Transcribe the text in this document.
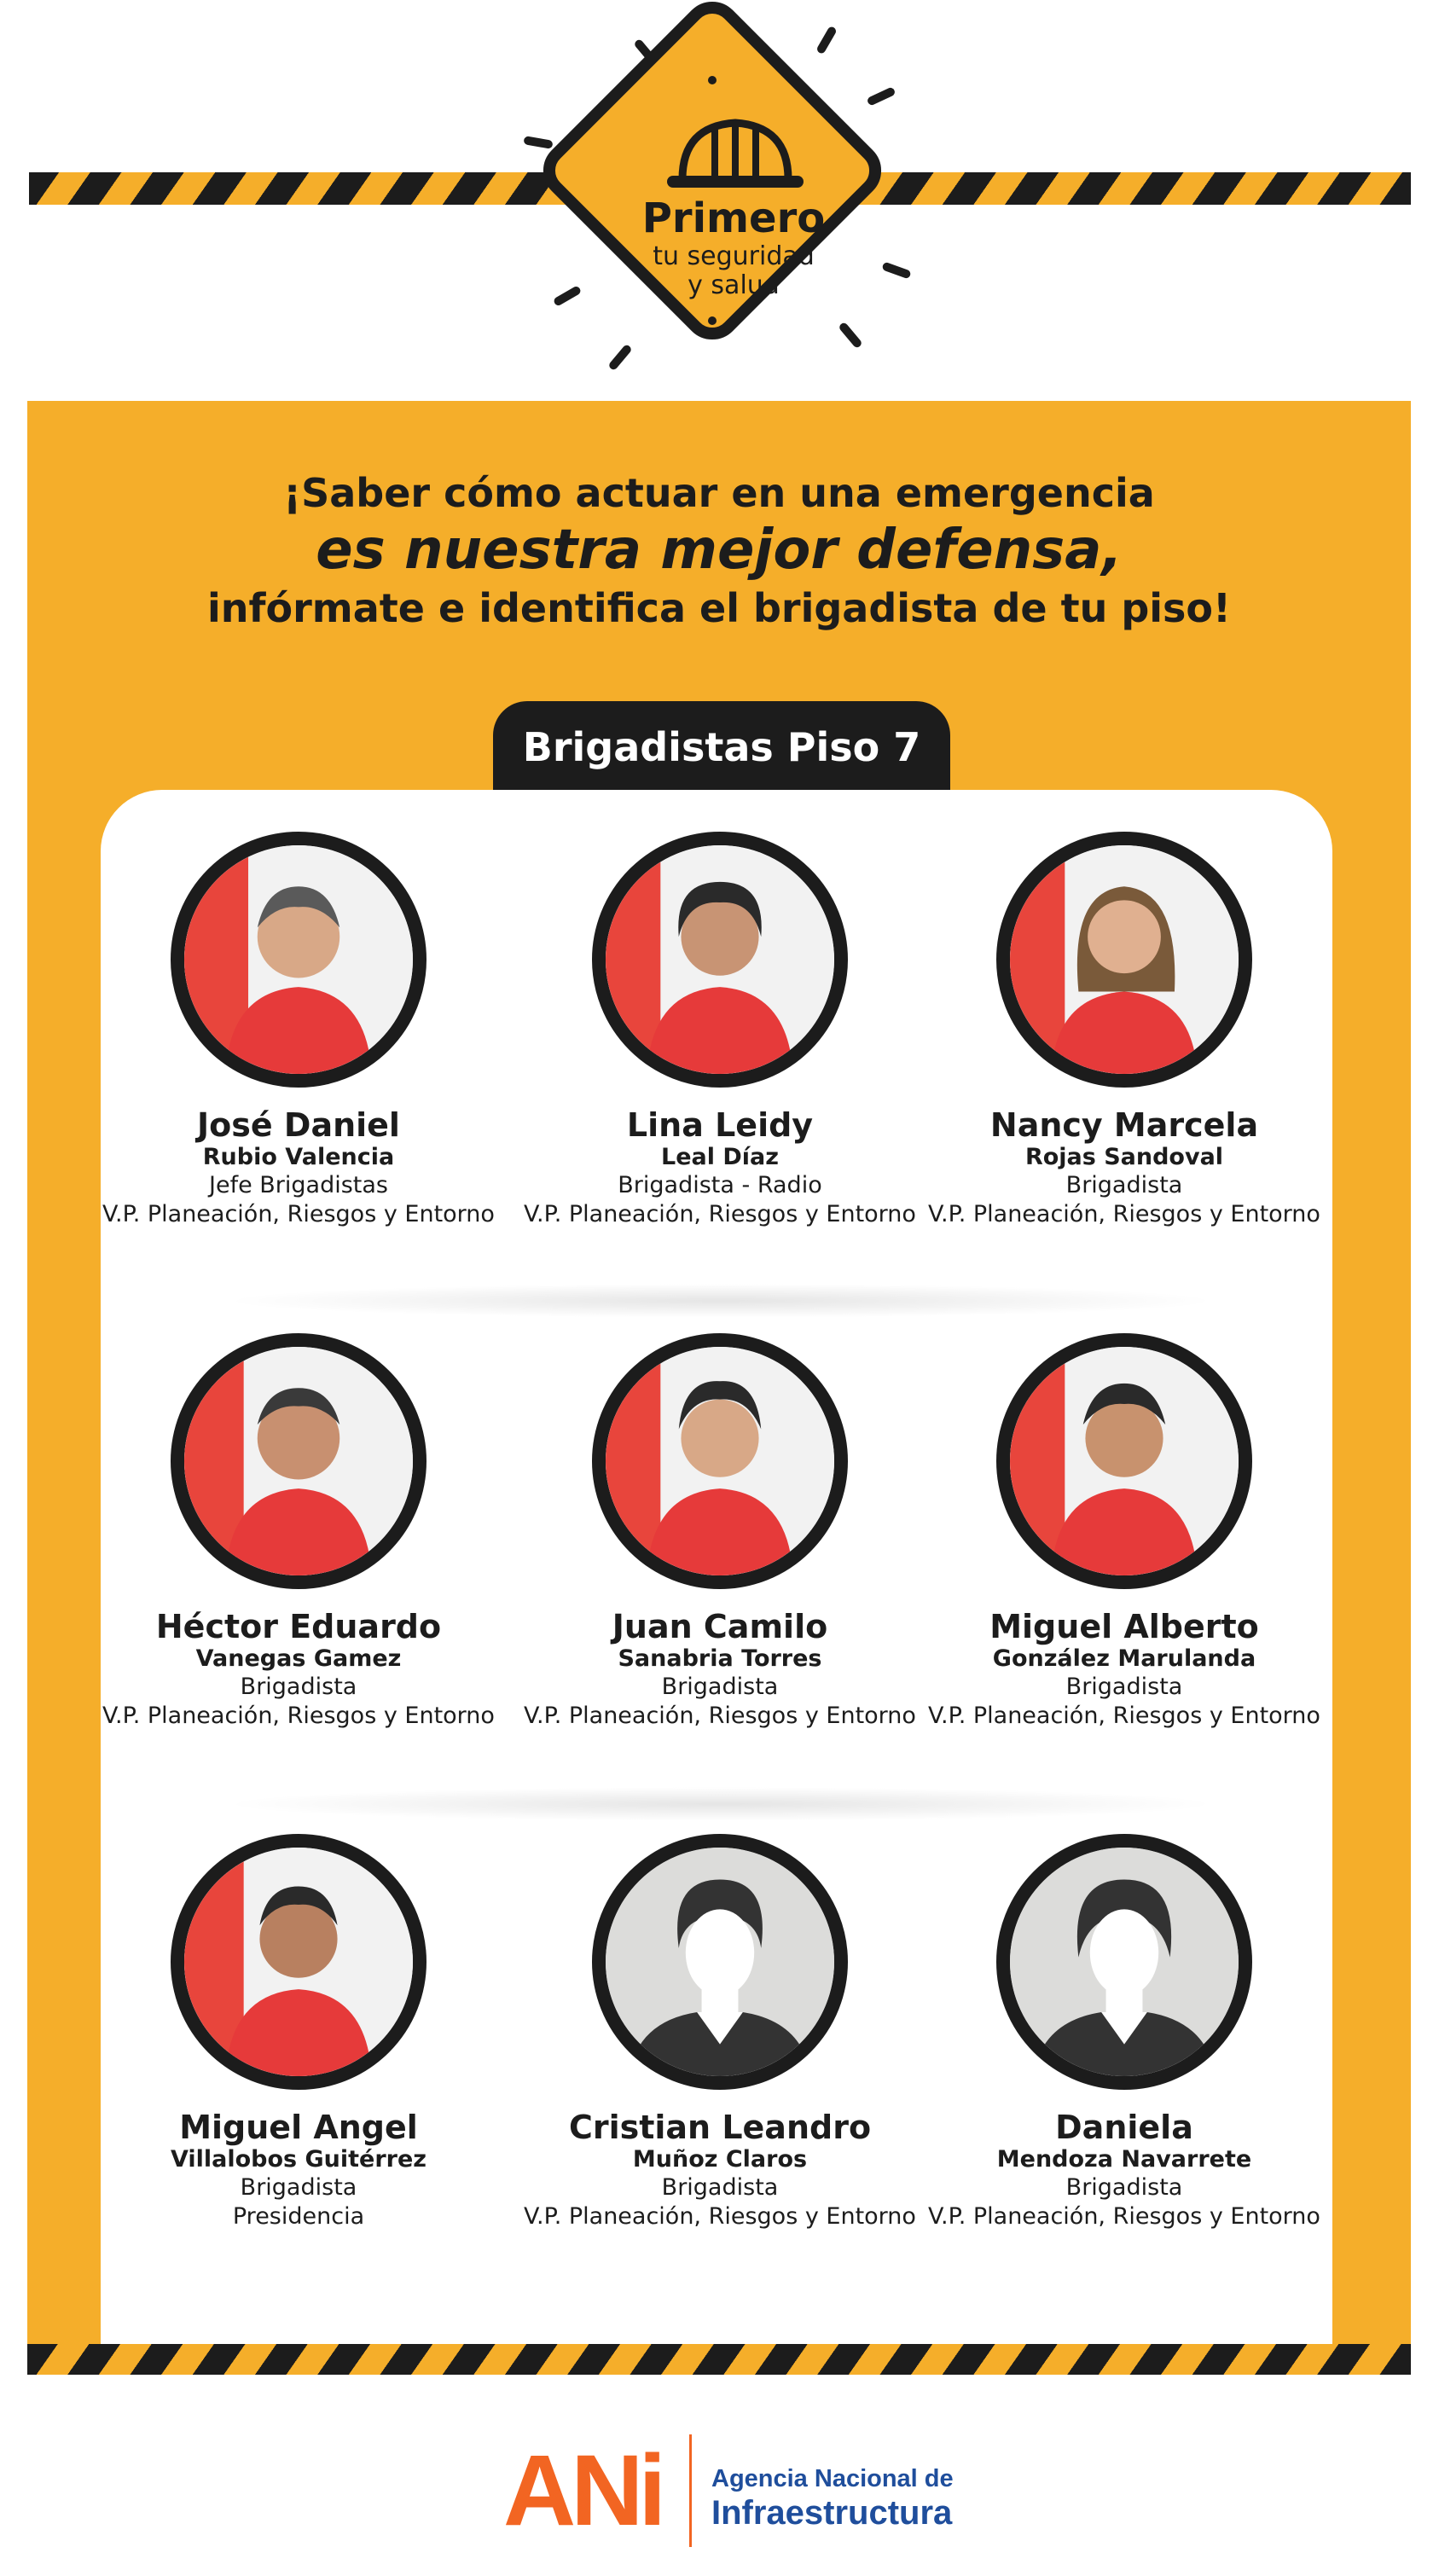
Primero
tu seguridad
y salud
¡Saber cómo actuar en una emergencia
es nuestra mejor defensa,
infórmate e identifica el brigadista de tu piso!
Brigadistas Piso 7
José Daniel
Rubio Valencia
Jefe Brigadistas
V.P. Planeación, Riesgos y Entorno
Lina Leidy
Leal Díaz
Brigadista - Radio
V.P. Planeación, Riesgos y Entorno
Nancy Marcela
Rojas Sandoval
Brigadista
V.P. Planeación, Riesgos y Entorno
Héctor Eduardo
Vanegas Gamez
Brigadista
V.P. Planeación, Riesgos y Entorno
Juan Camilo
Sanabria Torres
Brigadista
V.P. Planeación, Riesgos y Entorno
Miguel Alberto
González Marulanda
Brigadista
V.P. Planeación, Riesgos y Entorno
Miguel Angel
Villalobos Guitérrez
Brigadista
Presidencia
Cristian Leandro
Muñoz Claros
Brigadista
V.P. Planeación, Riesgos y Entorno
Daniela
Mendoza Navarrete
Brigadista
V.P. Planeación, Riesgos y Entorno
ANi Agencia Nacional de
Infraestructura
